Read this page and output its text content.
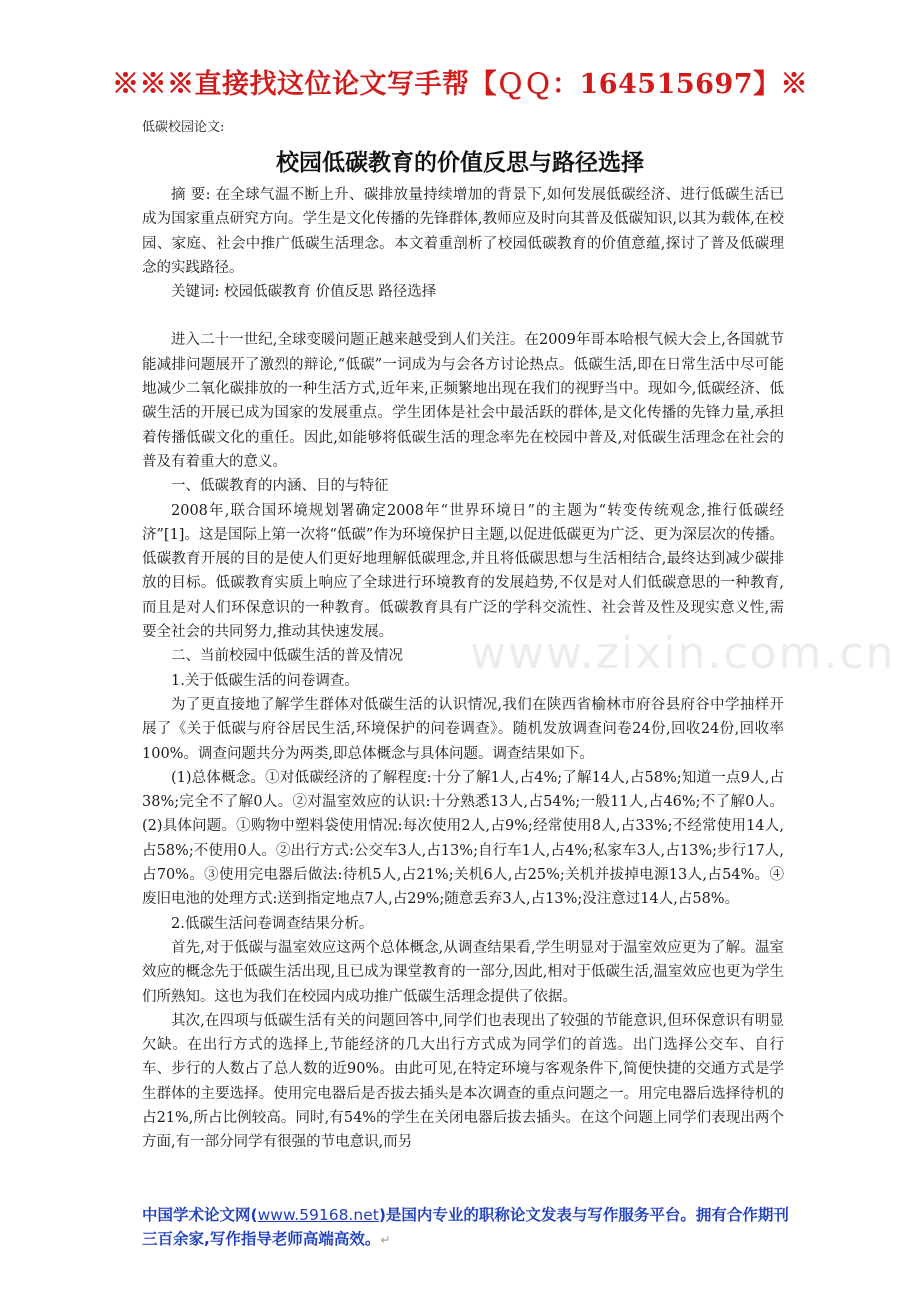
※※※直接找这位论文写手帮【ＱＱ：164515697】※
低碳校园论文:
校园低碳教育的价值反思与路径选择
www.zixin.com.cn

摘 要: 在全球气温不断上升、碳排放量持续增加的背景下,如何发展低碳经济、进行低碳生活已成为国家重点研究方向。学生是文化传播的先锋群体,教师应及时向其普及低碳知识,以其为载体,在校园、家庭、社会中推广低碳生活理念。本文着重剖析了校园低碳教育的价值意蕴,探讨了普及低碳理念的实践路径。

关键词: 校园低碳教育 价值反思 路径选择

进入二十一世纪,全球变暖问题正越来越受到人们关注。在2009年哥本哈根气候大会上,各国就节能减排问题展开了激烈的辩论,“低碳”一词成为与会各方讨论热点。低碳生活,即在日常生活中尽可能地减少二氧化碳排放的一种生活方式,近年来,正频繁地出现在我们的视野当中。现如今,低碳经济、低碳生活的开展已成为国家的发展重点。学生团体是社会中最活跃的群体,是文化传播的先锋力量,承担着传播低碳文化的重任。因此,如能够将低碳生活的理念率先在校园中普及,对低碳生活理念在社会的普及有着重大的意义。

一、低碳教育的内涵、目的与特征

2008年,联合国环境规划署确定2008年“世界环境日”的主题为“转变传统观念,推行低碳经济”[1]。这是国际上第一次将“低碳”作为环境保护日主题,以促进低碳更为广泛、更为深层次的传播。低碳教育开展的目的是使人们更好地理解低碳理念,并且将低碳思想与生活相结合,最终达到减少碳排放的目标。低碳教育实质上响应了全球进行环境教育的发展趋势,不仅是对人们低碳意思的一种教育,而且是对人们环保意识的一种教育。低碳教育具有广泛的学科交流性、社会普及性及现实意义性,需要全社会的共同努力,推动其快速发展。

二、当前校园中低碳生活的普及情况

1.关于低碳生活的问卷调查。

为了更直接地了解学生群体对低碳生活的认识情况,我们在陕西省榆林市府谷县府谷中学抽样开展了《关于低碳与府谷居民生活,环境保护的问卷调查》。随机发放调查问卷24份,回收24份,回收率100%。调查问题共分为两类,即总体概念与具体问题。调查结果如下。

(1)总体概念。①对低碳经济的了解程度:十分了解1人,占4%;了解14人,占58%;知道一点9人,占38%;完全不了解0人。②对温室效应的认识:十分熟悉13人,占54%;一般11人,占46%;不了解0人。(2)具体问题。①购物中塑料袋使用情况:每次使用2人,占9%;经常使用8人,占33%;不经常使用14人,占58%;不使用0人。②出行方式:公交车3人,占13%;自行车1人,占4%;私家车3人,占13%;步行17人,占70%。③使用完电器后做法:待机5人,占21%;关机6人,占25%;关机并拔掉电源13人,占54%。④废旧电池的处理方式:送到指定地点7人,占29%;随意丢弃3人,占13%;没注意过14人,占58%。

2.低碳生活问卷调查结果分析。

首先,对于低碳与温室效应这两个总体概念,从调查结果看,学生明显对于温室效应更为了解。温室效应的概念先于低碳生活出现,且已成为课堂教育的一部分,因此,相对于低碳生活,温室效应也更为学生们所熟知。这也为我们在校园内成功推广低碳生活理念提供了依据。

其次,在四项与低碳生活有关的问题回答中,同学们也表现出了较强的节能意识,但环保意识有明显欠缺。在出行方式的选择上,节能经济的几大出行方式成为同学们的首选。出门选择公交车、自行车、步行的人数占了总人数的近90%。由此可见,在特定环境与客观条件下,简便快捷的交通方式是学生群体的主要选择。使用完电器后是否拔去插头是本次调查的重点问题之一。用完电器后选择待机的占21%,所占比例较高。同时,有54%的学生在关闭电器后拔去插头。在这个问题上同学们表现出两个方面,有一部分同学有很强的节电意识,而另

中国学术论文网(www.59168.net)是国内专业的职称论文发表与写作服务平台。拥有合作期刊三百余家,写作指导老师高端高效。↵
